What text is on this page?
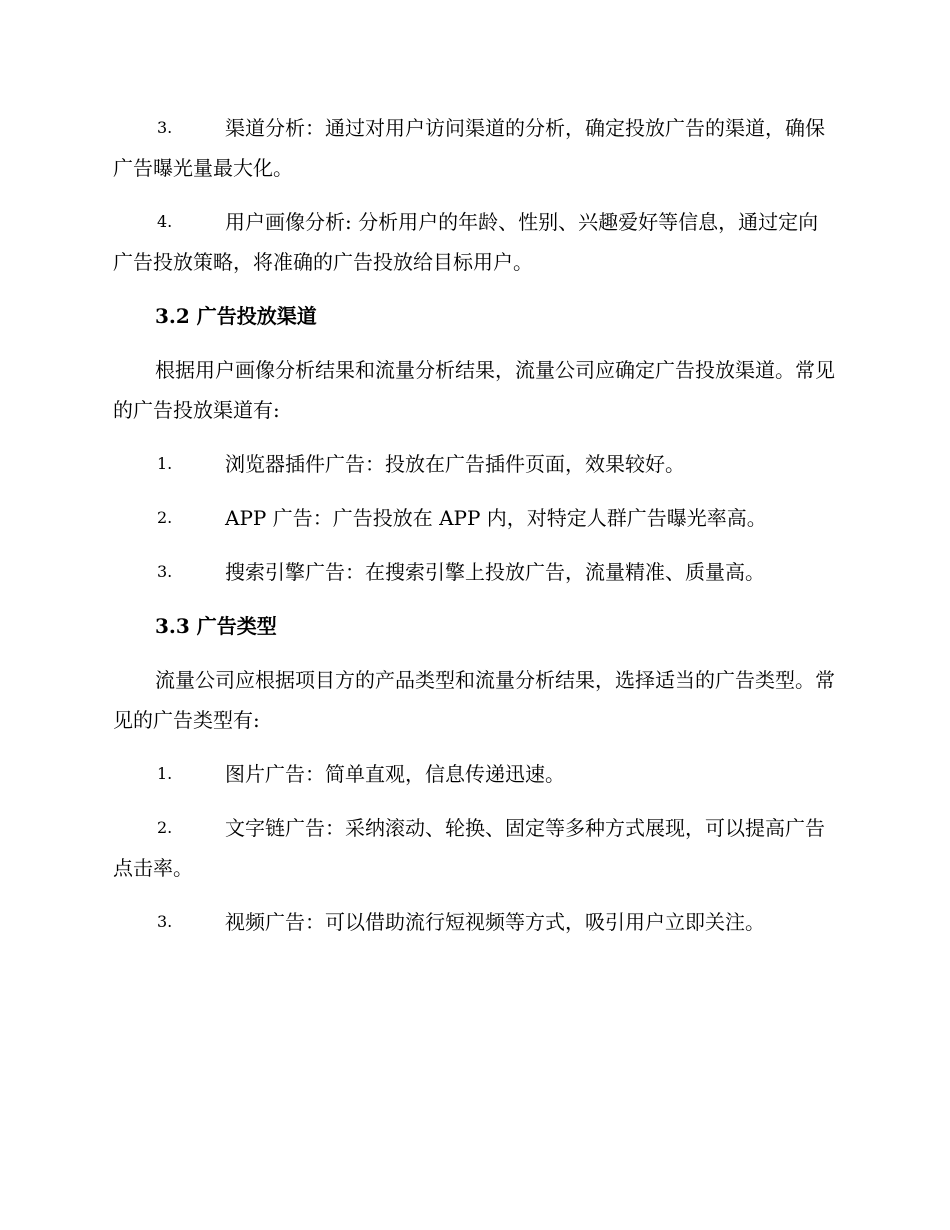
3.	渠道分析：通过对用户访问渠道的分析，确定投放广告的渠道，确保广告曝光量最大化。
4.	用户画像分析: 分析用户的年龄、性别、兴趣爱好等信息，通过定向广告投放策略，将准确的广告投放给目标用户。
3.2 广告投放渠道
根据用户画像分析结果和流量分析结果，流量公司应确定广告投放渠道。常见的广告投放渠道有:
1.	浏览器插件广告：投放在广告插件页面，效果较好。
2.	APP 广告：广告投放在 APP 内，对特定人群广告曝光率高。
3.	搜索引擎广告：在搜索引擎上投放广告，流量精准、质量高。
3.3 广告类型
流量公司应根据项目方的产品类型和流量分析结果，选择适当的广告类型。常见的广告类型有:
1.	图片广告：简单直观，信息传递迅速。
2.	文字链广告：采纳滚动、轮换、固定等多种方式展现，可以提高广告点击率。
3.	视频广告：可以借助流行短视频等方式，吸引用户立即关注。
